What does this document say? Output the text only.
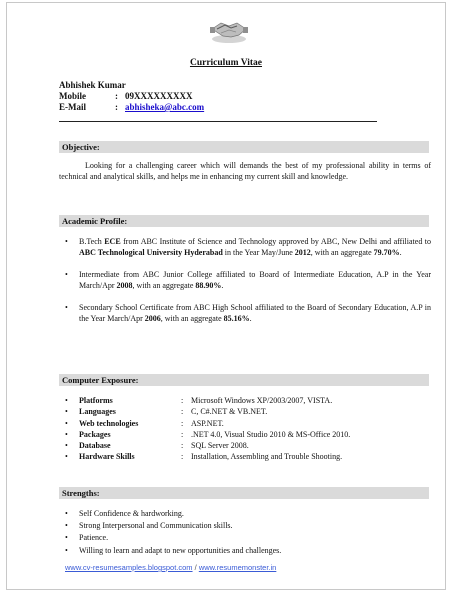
Curriculum Vitae
Abhishek Kumar
Mobile	: 09XXXXXXXXX
E-Mail	: abhisheka@abc.com
Objective:
Looking for a challenging career which will demands the best of my professional ability in terms of technical and analytical skills, and helps me in enhancing my current skill and knowledge.
Academic Profile:
• B.Tech ECE from ABC Institute of Science and Technology approved by ABC, New Delhi and affiliated to ABC Technological University Hyderabad in the Year May/June 2012, with an aggregate 79.70%.
• Intermediate from ABC Junior College affiliated to Board of Intermediate Education, A.P in the Year March/Apr 2008, with an aggregate 88.90%.
• Secondary School Certificate from ABC High School affiliated to the Board of Secondary Education, A.P in the Year March/Apr 2006, with an aggregate 85.16%.
Computer Exposure:
•	Platforms	: Microsoft Windows XP/2003/2007, VISTA.
•	Languages	: C, C#.NET & VB.NET.
•	Web technologies	: ASP.NET.
•	Packages	: .NET 4.0, Visual Studio 2010 & MS-Office 2010.
•	Database	: SQL Server 2008.
•	Hardware Skills	: Installation, Assembling and Trouble Shooting.
Strengths:
• Self Confidence & hardworking.
• Strong Interpersonal and Communication skills.
• Patience.
• Willing to learn and adapt to new opportunities and challenges.
www.cv-resumesamples.blogspot.com / www.resumemonster.in
